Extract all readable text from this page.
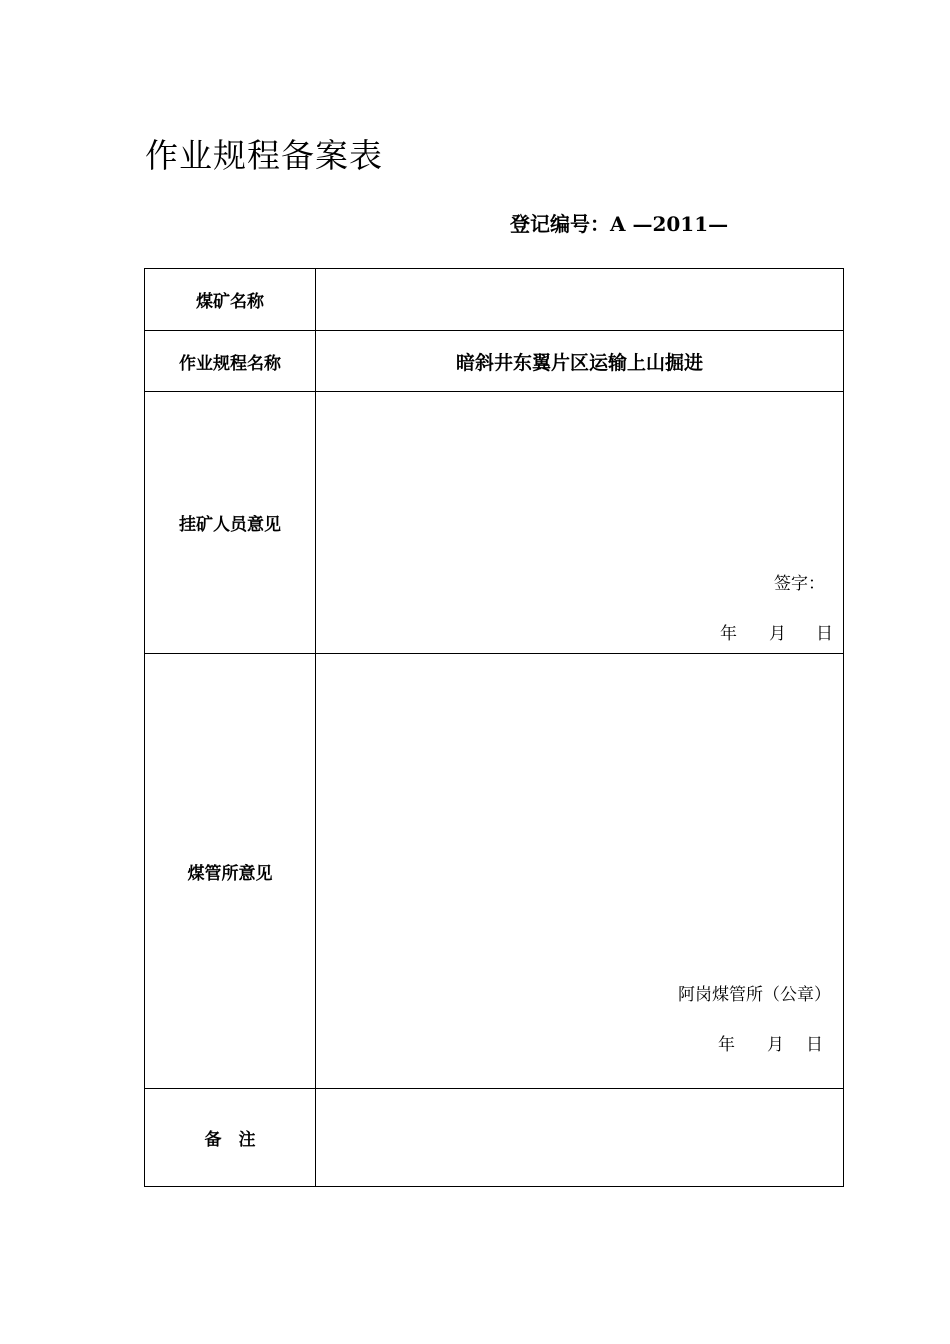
作业规程备案表
登记编号：A —2011—
煤矿名称	
作业规程名称	暗斜井东翼片区运输上山掘进
挂矿人员意见	签字：
年 月 日

煤管所意见	阿岗煤管所（公章）
年 月 日

备　注	
